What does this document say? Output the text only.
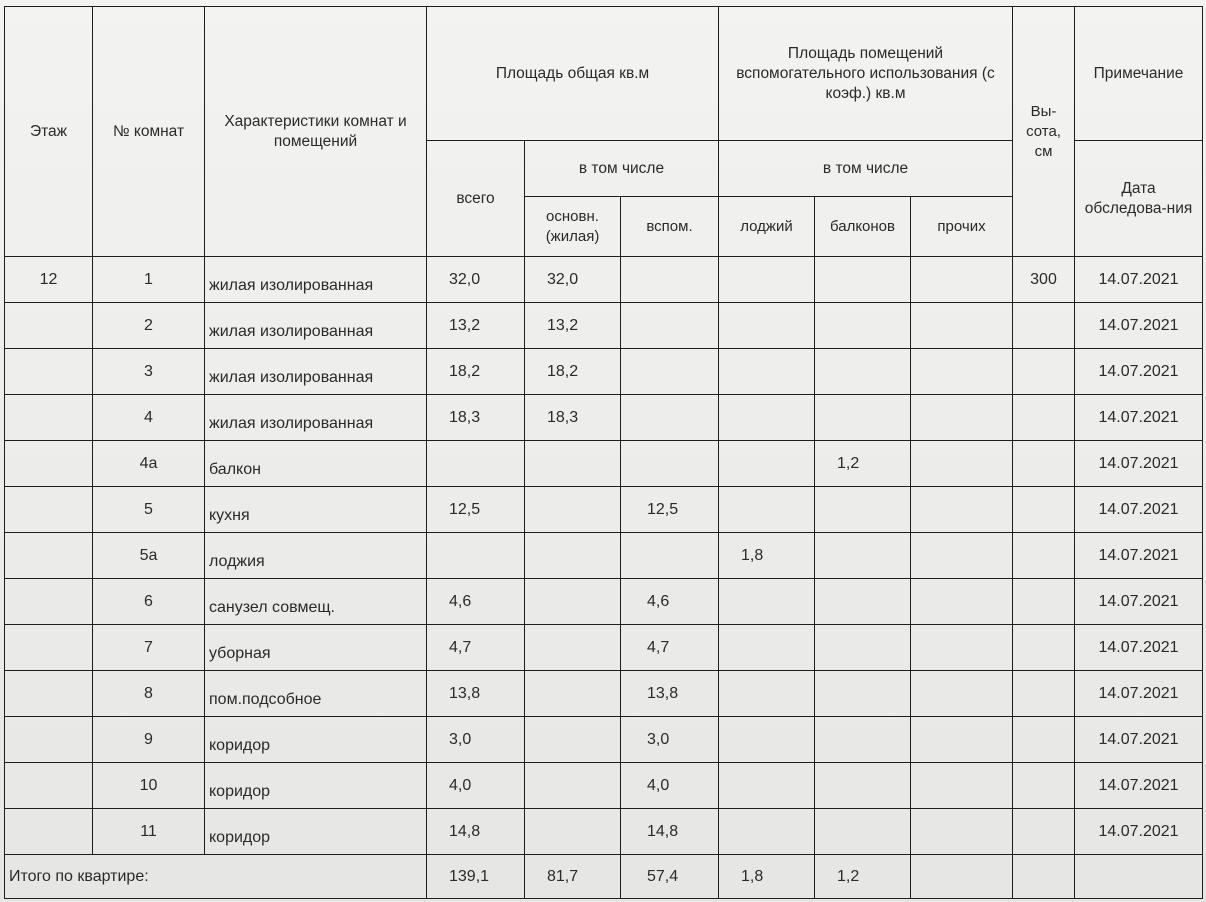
Этаж	№ комнат	Характеристики комнат и помещений	Площадь общая кв.м			Площадь помещений вспомогательного использования (с коэф.) кв.м			Вы-сота, см	Примечание
			всего	в том числе		в том числе				Дата обследова-ния
				основн. (жилая)	вспом.	лоджий	балконов	прочих		
12	1	жилая изолированная	32,0	32,0					300	14.07.2021
	2	жилая изолированная	13,2	13,2						14.07.2021
	3	жилая изолированная	18,2	18,2						14.07.2021
	4	жилая изолированная	18,3	18,3						14.07.2021
	4а	балкон					1,2			14.07.2021
	5	кухня	12,5		12,5					14.07.2021
	5а	лоджия				1,8				14.07.2021
	6	санузел совмещ.	4,6		4,6					14.07.2021
	7	уборная	4,7		4,7					14.07.2021
	8	пом.подсобное	13,8		13,8					14.07.2021
	9	коридор	3,0		3,0					14.07.2021
	10	коридор	4,0		4,0					14.07.2021
	11	коридор	14,8		14,8					14.07.2021
Итого по квартире:			139,1	81,7	57,4	1,8	1,2			
